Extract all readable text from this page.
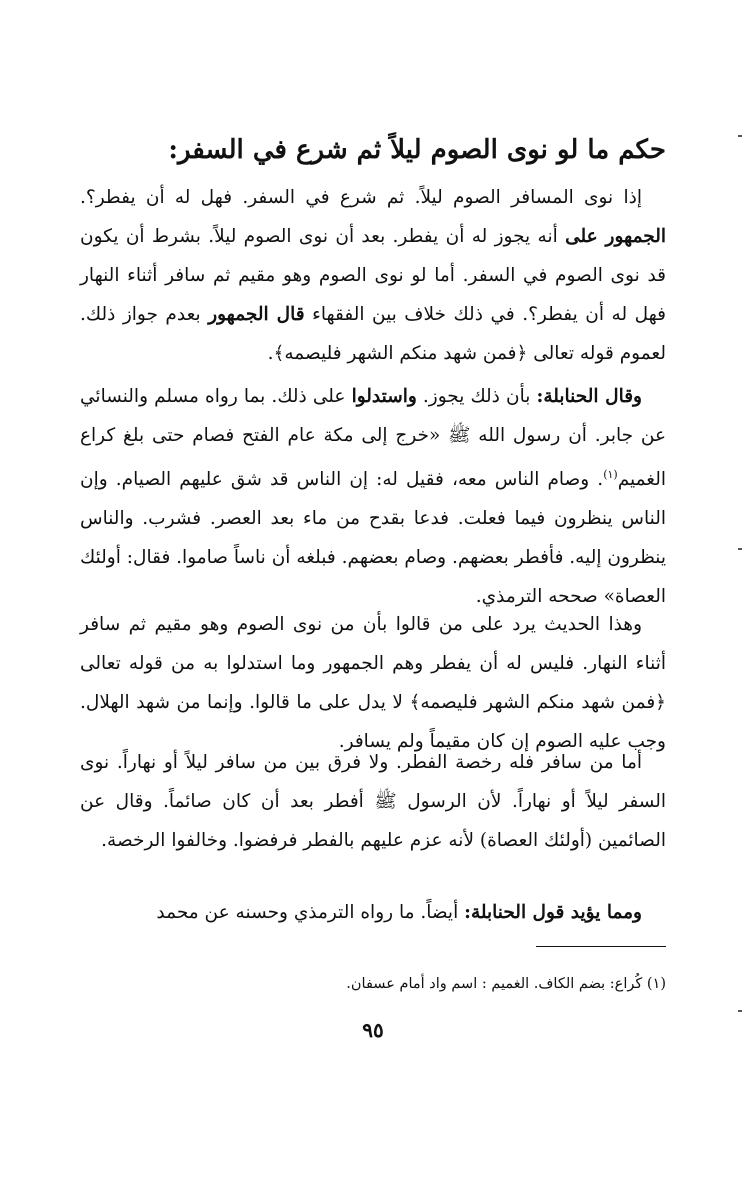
حكم ما لو نوى الصوم ليلاً ثم شرع في السفر:
إذا نوى المسافر الصوم ليلاً. ثم شرع في السفر. فهل له أن يفطر؟. الجمهور على أنه يجوز له أن يفطر. بعد أن نوى الصوم ليلاً. بشرط أن يكون قد نوى الصوم في السفر. أما لو نوى الصوم وهو مقيم ثم سافر أثناء النهار فهل له أن يفطر؟. في ذلك خلاف بين الفقهاء قال الجمهور بعدم جواز ذلك. لعموم قوله تعالى ﴿فمن شهد منكم الشهر فليصمه﴾.
وقال الحنابلة: بأن ذلك يجوز. واستدلوا على ذلك. بما رواه مسلم والنسائي عن جابر. أن رسول الله ﷺ «خرج إلى مكة عام الفتح فصام حتى بلغ كراع الغميم$^{(١)}$. وصام الناس معه، فقيل له: إن الناس قد شق عليهم الصيام. وإن الناس ينظرون فيما فعلت. فدعا بقدح من ماء بعد العصر. فشرب. والناس ينظرون إليه. فأفطر بعضهم. وصام بعضهم. فبلغه أن ناساً صاموا. فقال: أولئك العصاة» صححه الترمذي.
وهذا الحديث يرد على من قالوا بأن من نوى الصوم وهو مقيم ثم سافر أثناء النهار. فليس له أن يفطر وهم الجمهور وما استدلوا به من قوله تعالى ﴿فمن شهد منكم الشهر فليصمه﴾ لا يدل على ما قالوا. وإنما من شهد الهلال. وجب عليه الصوم إن كان مقيماً ولم يسافر.
أما من سافر فله رخصة الفطر. ولا فرق بين من سافر ليلاً أو نهاراً. نوى السفر ليلاً أو نهاراً. لأن الرسول ﷺ أفطر بعد أن كان صائماً. وقال عن الصائمين (أولئك العصاة) لأنه عزم عليهم بالفطر فرفضوا. وخالفوا الرخصة.
ومما يؤيد قول الحنابلة: أيضاً. ما رواه الترمذي وحسنه عن محمد
(١) كُراع: بضم الكاف. الغميم : اسم واد أمام عسفان.
٩٥
